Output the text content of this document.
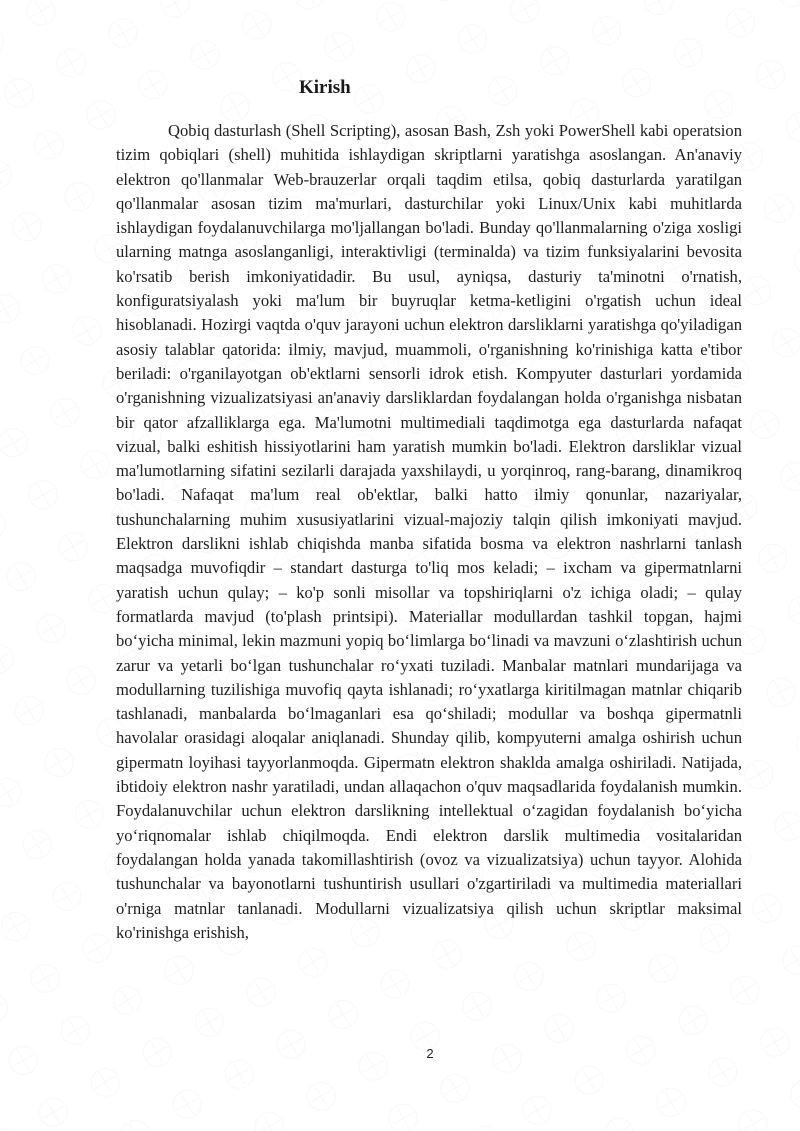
Kirish

Qobiq dasturlash (Shell Scripting), asosan Bash, Zsh yoki PowerShell kabi operatsion tizim qobiqlari (shell) muhitida ishlaydigan skriptlarni yaratishga asoslangan. An'anaviy elektron qo'llanmalar Web-brauzerlar orqali taqdim etilsa, qobiq dasturlarda yaratilgan qo'llanmalar asosan tizim ma'murlari, dasturchilar yoki Linux/Unix kabi muhitlarda ishlaydigan foydalanuvchilarga mo'ljallangan bo'ladi. Bunday qo'llanmalarning o'ziga xosligi ularning matnga asoslanganligi, interaktivligi (terminalda) va tizim funksiyalarini bevosita ko'rsatib berish imkoniyatidadir. Bu usul, ayniqsa, dasturiy ta'minotni o'rnatish, konfiguratsiyalash yoki ma'lum bir buyruqlar ketma-ketligini o'rgatish uchun ideal hisoblanadi. Hozirgi vaqtda o'quv jarayoni uchun elektron darsliklarni yaratishga qo'yiladigan asosiy talablar qatorida: ilmiy, mavjud, muammoli, o'rganishning ko'rinishiga katta e'tibor beriladi: o'rganilayotgan ob'ektlarni sensorli idrok etish. Kompyuter dasturlari yordamida o'rganishning vizualizatsiyasi an'anaviy darsliklardan foydalangan holda o'rganishga nisbatan bir qator afzalliklarga ega. Ma'lumotni multimediali taqdimotga ega dasturlarda nafaqat vizual, balki eshitish hissiyotlarini ham yaratish mumkin bo'ladi. Elektron darsliklar vizual ma'lumotlarning sifatini sezilarli darajada yaxshilaydi, u yorqinroq, rang-barang, dinamikroq bo'ladi. Nafaqat ma'lum real ob'ektlar, balki hatto ilmiy qonunlar, nazariyalar, tushunchalarning muhim xususiyatlarini vizual-majoziy talqin qilish imkoniyati mavjud. Elektron darslikni ishlab chiqishda manba sifatida bosma va elektron nashrlarni tanlash maqsadga muvofiqdir – standart dasturga to'liq mos keladi; – ixcham va gipermatnlarni yaratish uchun qulay; – ko'p sonli misollar va topshiriqlarni o'z ichiga oladi; – qulay formatlarda mavjud (to'plash printsipi). Materiallar modullardan tashkil topgan, hajmi bo‘yicha minimal, lekin mazmuni yopiq bo‘limlarga bo‘linadi va mavzuni o‘zlashtirish uchun zarur va yetarli bo‘lgan tushunchalar ro‘yxati tuziladi. Manbalar matnlari mundarijaga va modullarning tuzilishiga muvofiq qayta ishlanadi; ro‘yxatlarga kiritilmagan matnlar chiqarib tashlanadi, manbalarda bo‘lmaganlari esa qo‘shiladi; modullar va boshqa gipermatnli havolalar orasidagi aloqalar aniqlanadi. Shunday qilib, kompyuterni amalga oshirish uchun gipermatn loyihasi tayyorlanmoqda. Gipermatn elektron shaklda amalga oshiriladi. Natijada, ibtidoiy elektron nashr yaratiladi, undan allaqachon o'quv maqsadlarida foydalanish mumkin. Foydalanuvchilar uchun elektron darslikning intellektual o‘zagidan foydalanish bo‘yicha yo‘riqnomalar ishlab chiqilmoqda. Endi elektron darslik multimedia vositalaridan foydalangan holda yanada takomillashtirish (ovoz va vizualizatsiya) uchun tayyor. Alohida tushunchalar va bayonotlarni tushuntirish usullari o'zgartiriladi va multimedia materiallari o'rniga matnlar tanlanadi. Modullarni vizualizatsiya qilish uchun skriptlar maksimal ko'rinishga erishish,

2
